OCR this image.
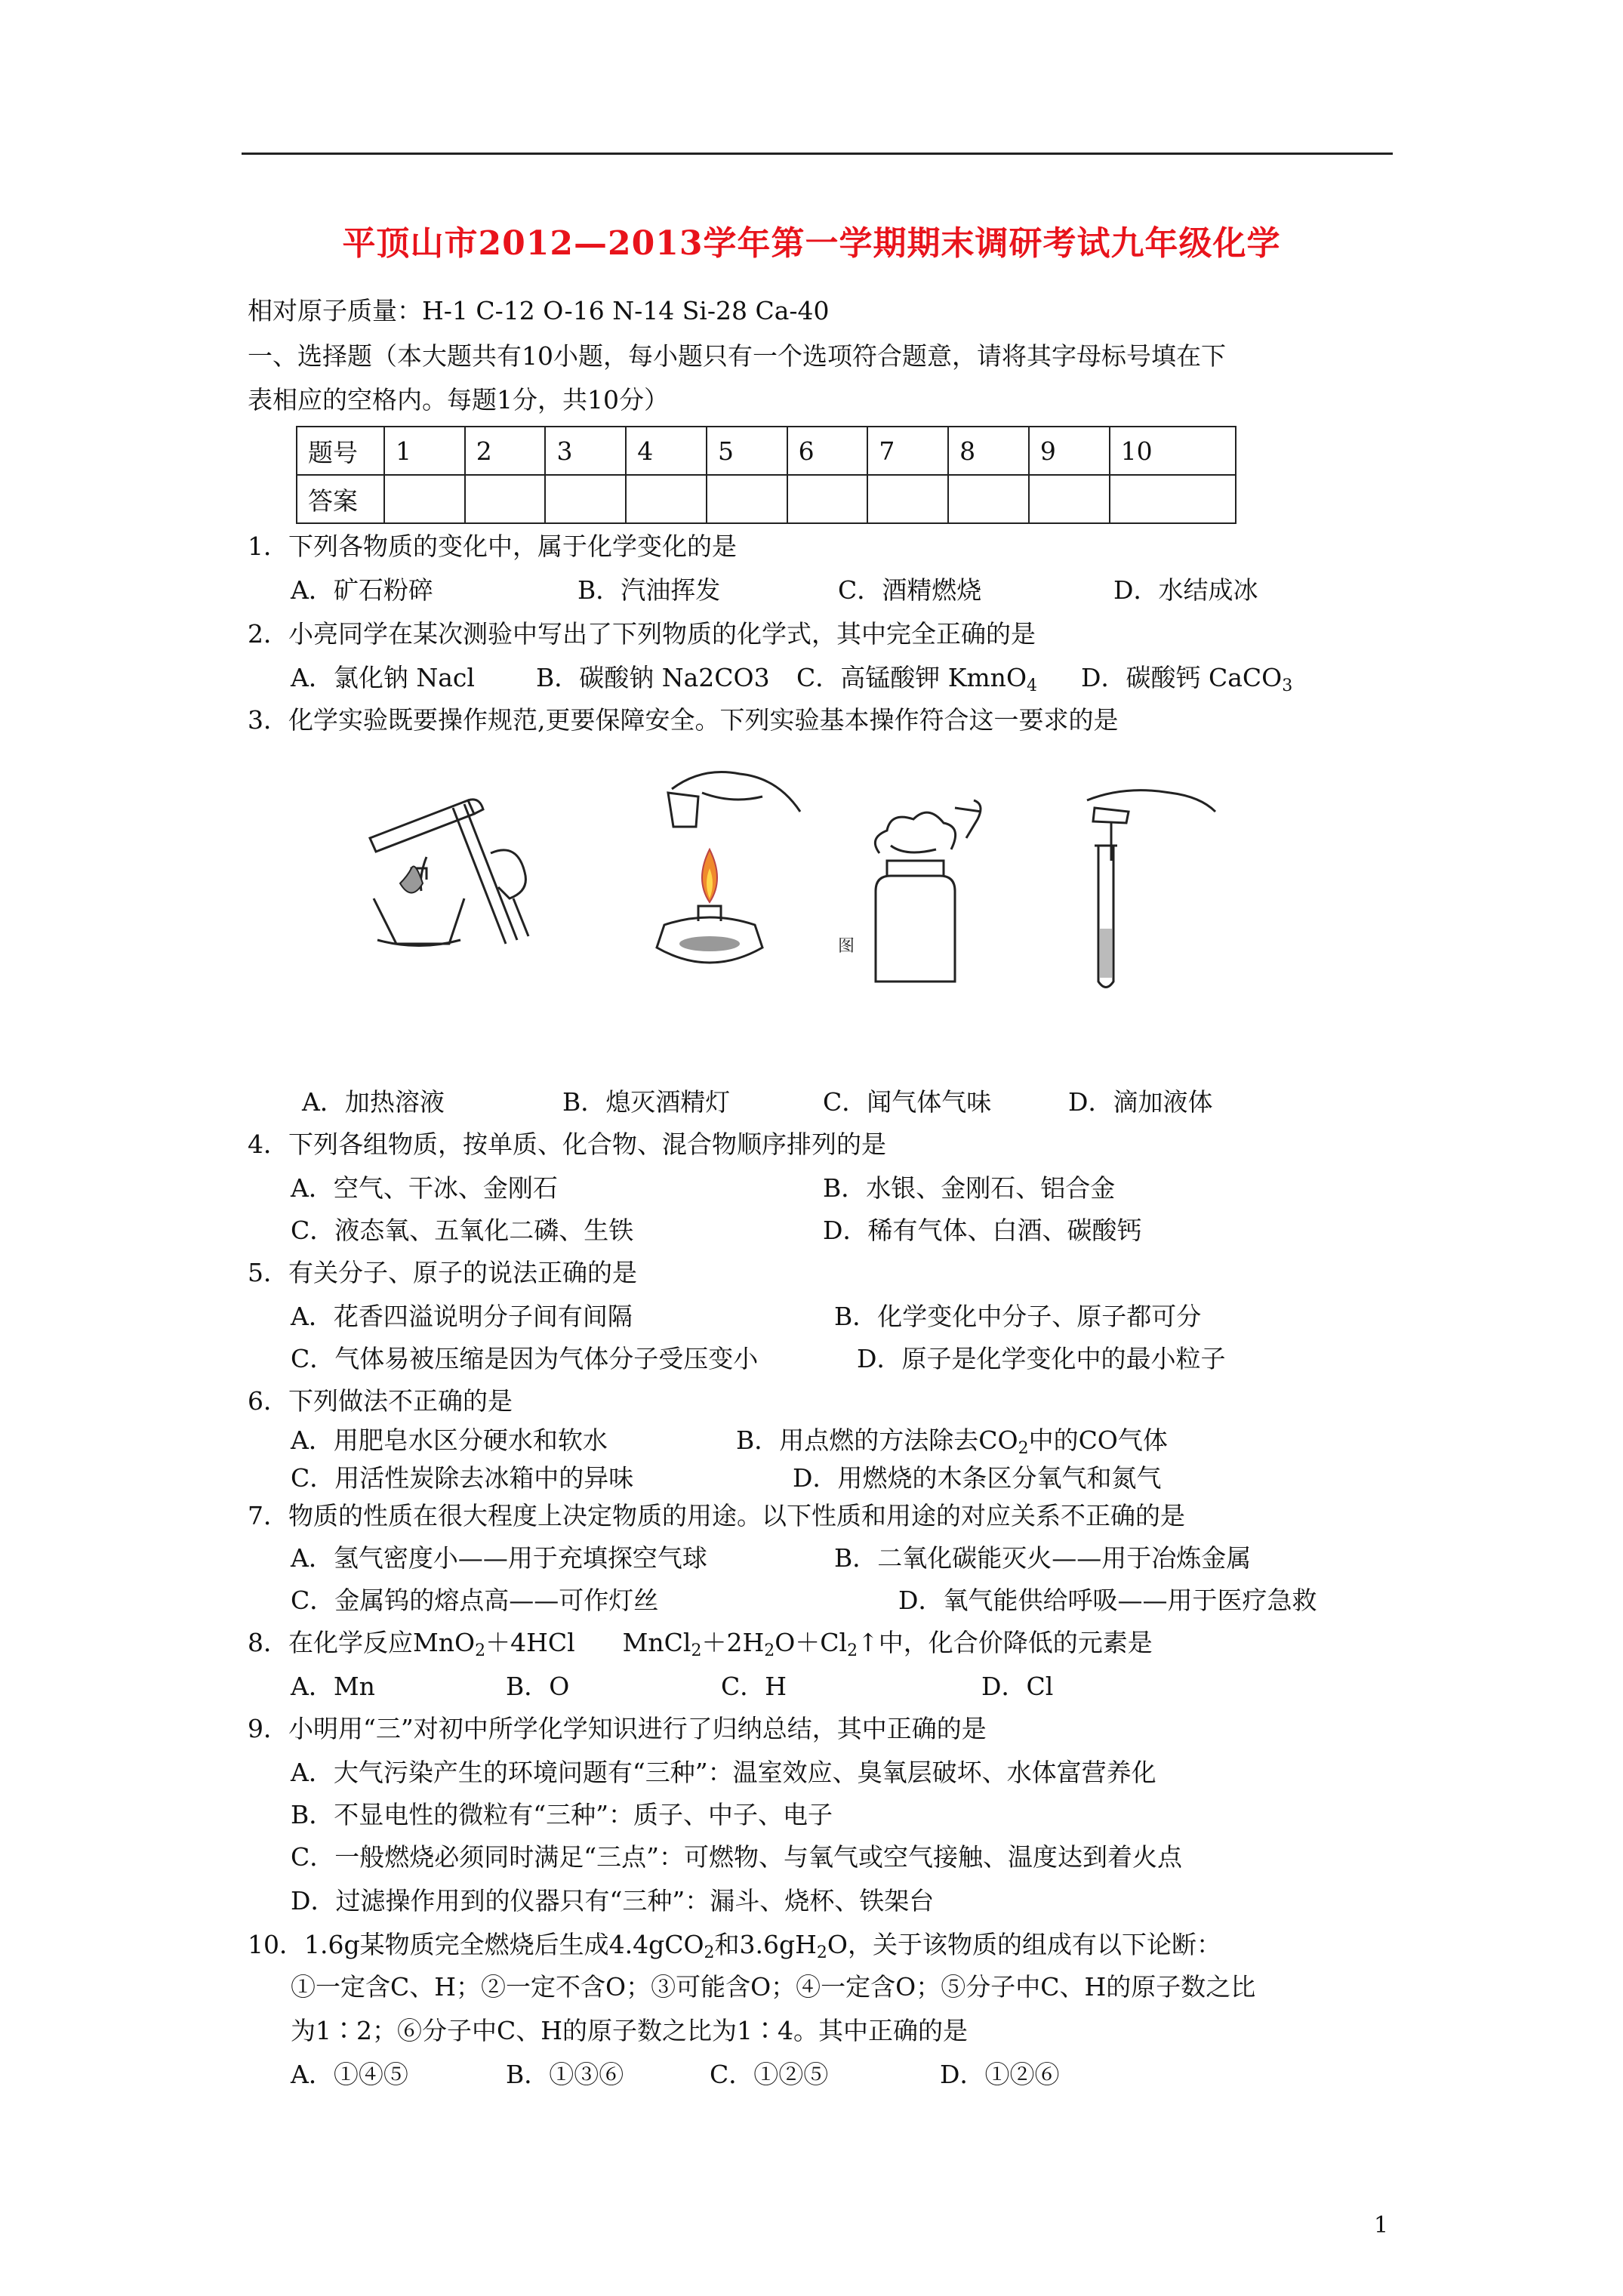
平顶山市2012—2013学年第一学期期末调研考试九年级化学
相对原子质量：H-1 C-12 O-16 N-14 Si-28 Ca-40
一、选择题（本大题共有10小题，每小题只有一个选项符合题意，请将其字母标号填在下
表相应的空格内。每题1分，共10分）
题号	1	2	3	4	5	6	7	8	9	10
答案										
1．下列各物质的变化中，属于化学变化的是
A．矿石粉碎	B．汽油挥发	C．酒精燃烧	D．水结成冰
2．小亮同学在某次测验中写出了下列物质的化学式，其中完全正确的是
A．氯化钠 Nacl B．碳酸钠 Na2CO3 C．高锰酸钾 KmnO$_4$ D．碳酸钙 CaCO$_3$
3．化学实验既要操作规范,更要保障安全。下列实验基本操作符合这一要求的是
图
A．加热溶液	B．熄灭酒精灯	C．闻气体气味	D．滴加液体
4．下列各组物质，按单质、化合物、混合物顺序排列的是
A．空气、干冰、金刚石	B．水银、金刚石、铝合金
C．液态氧、五氧化二磷、生铁	D．稀有气体、白酒、碳酸钙
5．有关分子、原子的说法正确的是
A．花香四溢说明分子间有间隔	B．化学变化中分子、原子都可分
C．气体易被压缩是因为气体分子受压变小	D．原子是化学变化中的最小粒子
6．下列做法不正确的是
A．用肥皂水区分硬水和软水	B．用点燃的方法除去$CO_2$中的CO气体
C．用活性炭除去冰箱中的异味	D．用燃烧的木条区分氧气和氮气
7．物质的性质在很大程度上决定物质的用途。以下性质和用途的对应关系不正确的是
A．氢气密度小——用于充填探空气球	B．二氧化碳能灭火——用于冶炼金属
C．金属钨的熔点高——可作灯丝	D．氧气能供给呼吸——用于医疗急救
8．在化学反应MnO$_2$＋4HCl      $MnCl_2+2H_2O+Cl_2↑$中，化合价降低的元素是
A．Mn	B．O	C．H	D．Cl
9．小明用“三”对初中所学化学知识进行了归纳总结，其中正确的是
A．大气污染产生的环境问题有“三种”：温室效应、臭氧层破坏、水体富营养化
B．不显电性的微粒有“三种”：质子、中子、电子
C．一般燃烧必须同时满足“三点”：可燃物、与氧气或空气接触、温度达到着火点
D．过滤操作用到的仪器只有“三种”：漏斗、烧杯、铁架台
10．1.6g某物质完全燃烧后生成4.4gCO$_2$和$3.6gH_2O$，关于该物质的组成有以下论断：
①一定含C、H；②一定不含O；③可能含O；④一定含O；⑤分子中C、H的原子数之比
为1∶2；⑥分子中C、H的原子数之比为1∶4。其中正确的是
A．①④⑤	B．①③⑥	C．①②⑤	D．①②⑥
1
